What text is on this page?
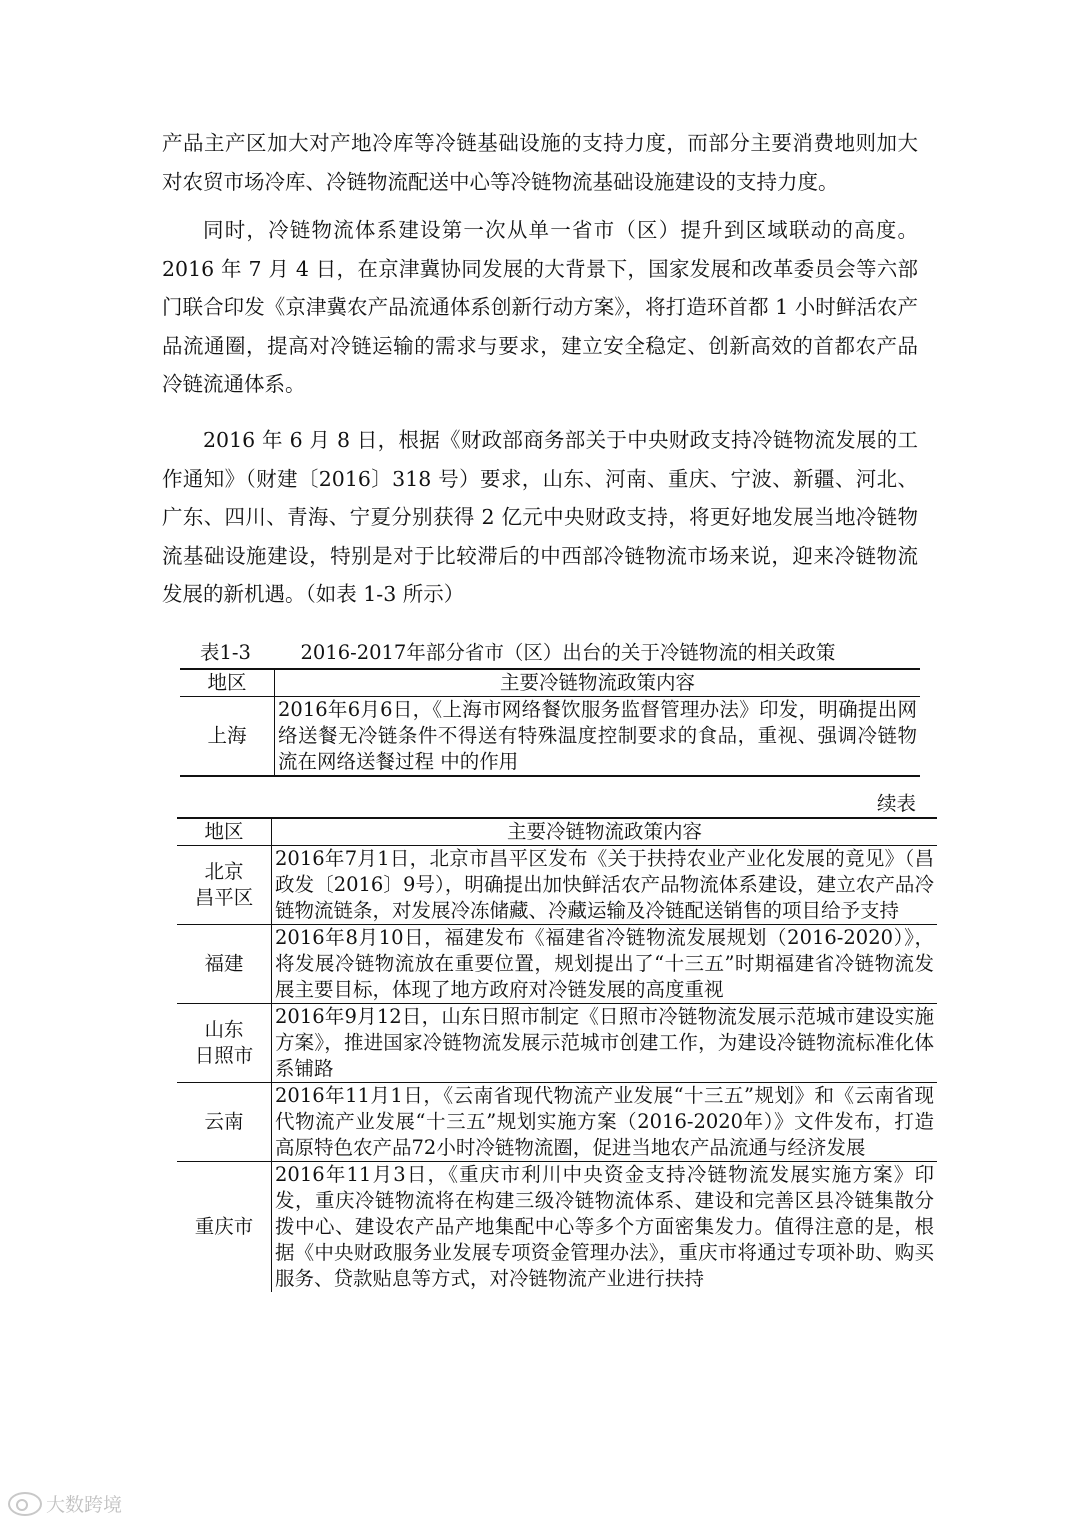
产品主产区加大对产地冷库等冷链基础设施的支持力度，而部分主要消费地则加大对农贸市场冷库、冷链物流配送中心等冷链物流基础设施建设的支持力度。

同时，冷链物流体系建设第一次从单一省市（区）提升到区域联动的高度。2016 年 7 月 4 日，在京津冀协同发展的大背景下，国家发展和改革委员会等六部门联合印发《京津冀农产品流通体系创新行动方案》，将打造环首都 1 小时鲜活农产品流通圈，提高对冷链运输的需求与要求，建立安全稳定、创新高效的首都农产品冷链流通体系。

2016 年 6 月 8 日，根据《财政部商务部关于中央财政支持冷链物流发展的工作通知》（财建〔2016〕318 号）要求，山东、河南、重庆、宁波、新疆、河北、广东、四川、青海、宁夏分别获得 2 亿元中央财政支持，将更好地发展当地冷链物流基础设施建设，特别是对于比较滞后的中西部冷链物流市场来说，迎来冷链物流发展的新机遇。（如表 1-3 所示）

表1-3	2016-2017年部分省市（区）出台的关于冷链物流的相关政策
地区	主要冷链物流政策内容
上海	2016年6月6日，《上海市网络餐饮服务监督管理办法》印发，明确提出网络送餐无冷链条件不得送有特殊温度控制要求的食品，重视、强调冷链物流在网络送餐过程 中的作用
续表
地区	主要冷链物流政策内容
北京
昌平区	2016年7月1日，北京市昌平区发布《关于扶持农业产业化发展的竟见》（昌政发〔2016〕9号），明确提出加快鲜活农产品物流体系建设，建立农产品冷链物流链条，对发展冷冻储藏、冷藏运输及冷链配送销售的项目给予支持
福建	2016年8月10日，福建发布《福建省冷链物流发展规划（2016-2020）》，将发展冷链物流放在重要位置，规划提出了“十三五”时期福建省冷链物流发展主要目标，体现了地方政府对冷链发展的高度重视
山东
日照市	2016年9月12日，山东日照市制定《日照市冷链物流发展示范城市建设实施方案》，推进国家冷链物流发展示范城市创建工作，为建设冷链物流标准化体系铺路
云南	2016年11月1日，《云南省现代物流产业发展“十三五”规划》和《云南省现代物流产业发展“十三五”规划实施方案（2016-2020年）》文件发布，打造高原特色农产品72小时冷链物流圈，促进当地农产品流通与经济发展
重庆市	2016年11月3日，《重庆市利川中央资金支持冷链物流发展实施方案》印发，重庆冷链物流将在构建三级冷链物流体系、建设和完善区县冷链集散分拨中心、建设农产品产地集配中心等多个方面密集发力。值得注意的是，根据《中央财政服务业发展专项资金管理办法》，重庆市将通过专项补助、购买服务、贷款贴息等方式，对冷链物流产业进行扶持
大数跨境
